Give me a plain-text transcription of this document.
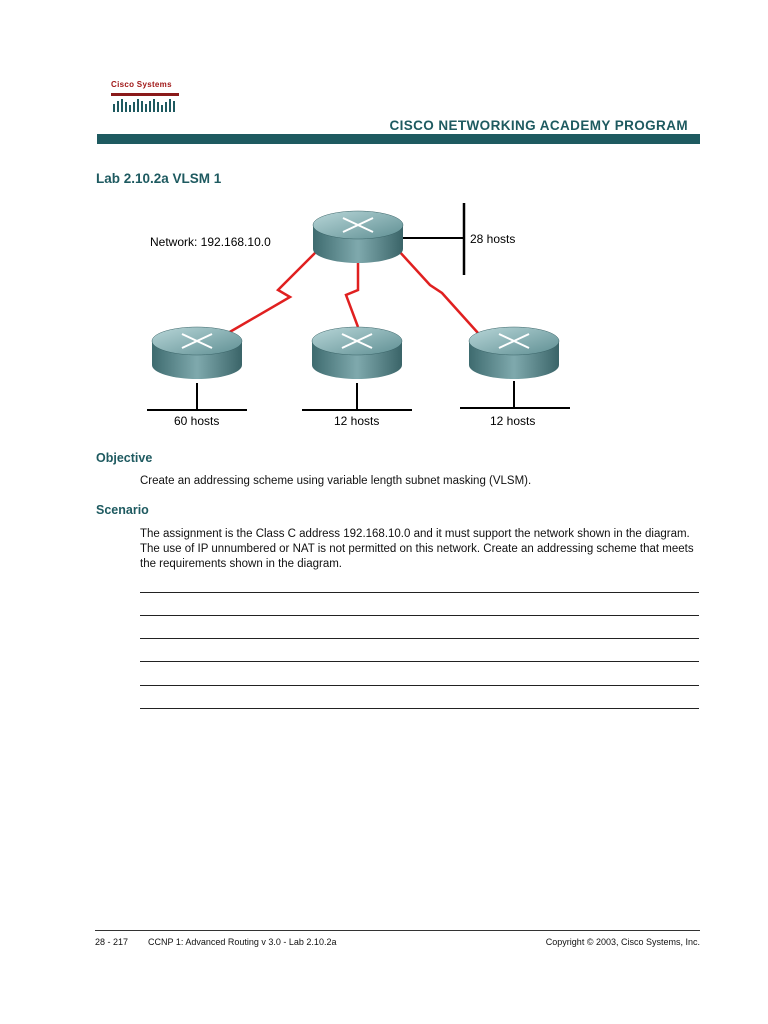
Cisco Systems
CISCO NETWORKING ACADEMY PROGRAM
Lab 2.10.2a VLSM 1
Network: 192.168.10.0	28 hosts
60 hosts	12 hosts	12 hosts
Objective
Create an addressing scheme using variable length subnet masking (VLSM).
Scenario
The assignment is the Class C address 192.168.10.0 and it must support the network shown in the diagram. The use of IP unnumbered or NAT is not permitted on this network. Create an addressing scheme that meets the requirements shown in the diagram.
28 - 217 CCNP 1: Advanced Routing v 3.0 - Lab 2.10.2a	Copyright © 2003, Cisco Systems, Inc.
